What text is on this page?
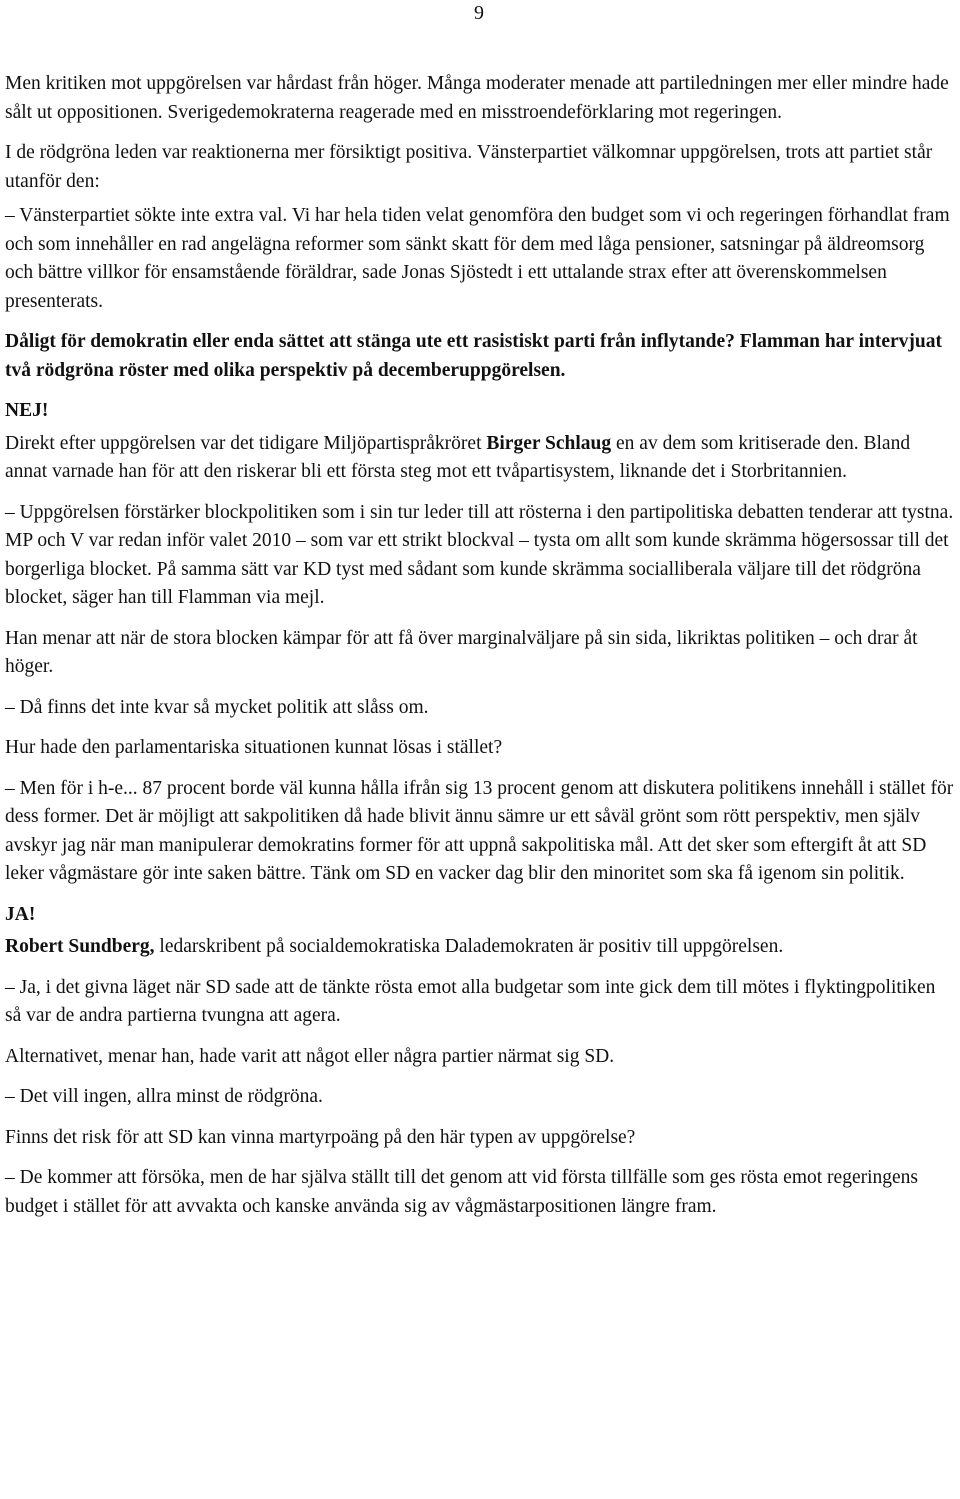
9

Men kritiken mot uppgörelsen var hårdast från höger. Många moderater menade att partiledningen mer eller mindre hade sålt ut oppositionen. Sverigedemokraterna reagerade med en misstroendeförklaring mot regeringen.

I de rödgröna leden var reaktionerna mer försiktigt positiva. Vänsterpartiet välkomnar uppgörelsen, trots att partiet står utanför den:

– Vänsterpartiet sökte inte extra val. Vi har hela tiden velat genomföra den budget som vi och regeringen förhandlat fram och som innehåller en rad angelägna reformer som sänkt skatt för dem med låga pensioner, satsningar på äldreomsorg och bättre villkor för ensamstående föräldrar, sade Jonas Sjöstedt i ett uttalande strax efter att överenskommelsen presenterats.

Dåligt för demokratin eller enda sättet att stänga ute ett rasistiskt parti från inflytande? Flamman har intervjuat två rödgröna röster med olika perspektiv på decemberuppgörelsen.

NEJ!

Direkt efter uppgörelsen var det tidigare Miljöpartispråkröret Birger Schlaug en av dem som kritiserade den. Bland annat varnade han för att den riskerar bli ett första steg mot ett tvåpartisystem, liknande det i Storbritannien.

– Uppgörelsen förstärker blockpolitiken som i sin tur leder till att rösterna i den partipolitiska debatten tenderar att tystna. MP och V var redan inför valet 2010 – som var ett strikt blockval – tysta om allt som kunde skrämma högersossar till det borgerliga blocket. På samma sätt var KD tyst med sådant som kunde skrämma socialliberala väljare till det rödgröna blocket, säger han till Flamman via mejl.

Han menar att när de stora blocken kämpar för att få över marginalväljare på sin sida, likriktas politiken – och drar åt höger.

– Då finns det inte kvar så mycket politik att slåss om.

Hur hade den parlamentariska situationen kunnat lösas i stället?

– Men för i h-e... 87 procent borde väl kunna hålla ifrån sig 13 procent genom att diskutera politikens innehåll i stället för dess former. Det är möjligt att sakpolitiken då hade blivit ännu sämre ur ett såväl grönt som rött perspektiv, men själv avskyr jag när man manipulerar demokratins former för att uppnå sakpolitiska mål. Att det sker som eftergift åt att SD leker vågmästare gör inte saken bättre. Tänk om SD en vacker dag blir den minoritet som ska få igenom sin politik.

JA!

Robert Sundberg, ledarskribent på socialdemokratiska Dalademokraten är positiv till uppgörelsen.

– Ja, i det givna läget när SD sade att de tänkte rösta emot alla budgetar som inte gick dem till mötes i flyktingpolitiken så var de andra partierna tvungna att agera.

Alternativet, menar han, hade varit att något eller några partier närmat sig SD.

– Det vill ingen, allra minst de rödgröna.

Finns det risk för att SD kan vinna martyrpoäng på den här typen av uppgörelse?

– De kommer att försöka, men de har själva ställt till det genom att vid första tillfälle som ges rösta emot regeringens budget i stället för att avvakta och kanske använda sig av vågmästarpositionen längre fram.
